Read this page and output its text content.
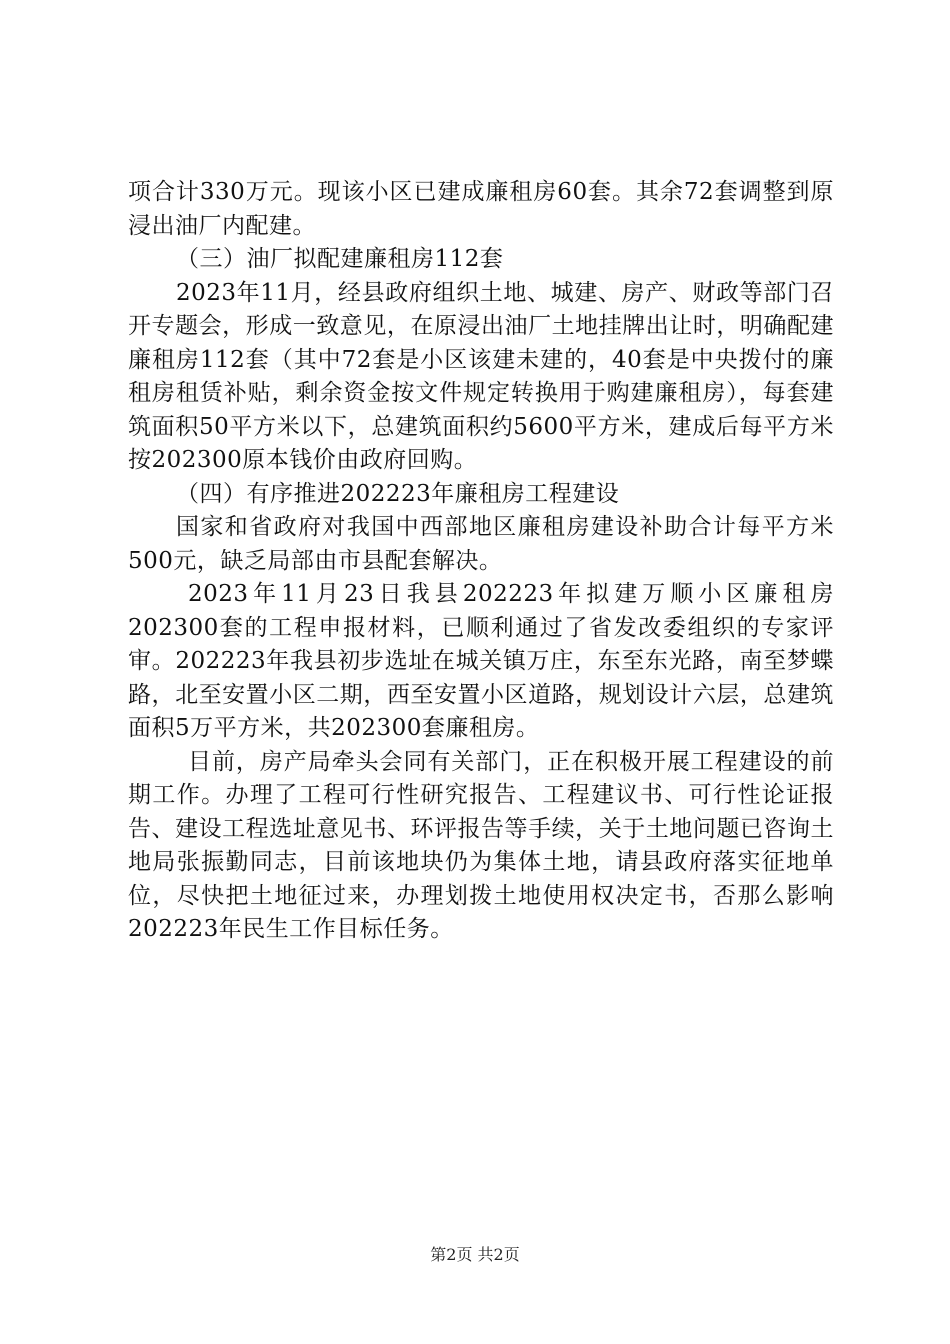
项合计330万元。现该小区已建成廉租房60套。其余72套调整到原浸出油厂内配建。

（三）油厂拟配建廉租房112套

2023年11月，经县政府组织土地、城建、房产、财政等部门召开专题会，形成一致意见，在原浸出油厂土地挂牌出让时，明确配建廉租房112套（其中72套是小区该建未建的，40套是中央拨付的廉租房租赁补贴，剩余资金按文件规定转换用于购建廉租房），每套建筑面积50平方米以下，总建筑面积约5600平方米，建成后每平方米按202300原本钱价由政府回购。

（四）有序推进202223年廉租房工程建设

国家和省政府对我国中西部地区廉租房建设补助合计每平方米500元，缺乏局部由市县配套解决。

2023年11月23日我县202223年拟建万顺小区廉租房202300套的工程申报材料，已顺利通过了省发改委组织的专家评审。202223年我县初步选址在城关镇万庄，东至东光路，南至梦蝶路，北至安置小区二期，西至安置小区道路，规划设计六层，总建筑面积5万平方米，共202300套廉租房。

目前，房产局牵头会同有关部门，正在积极开展工程建设的前期工作。办理了工程可行性研究报告、工程建议书、可行性论证报告、建设工程选址意见书、环评报告等手续，关于土地问题已咨询土地局张振勤同志，目前该地块仍为集体土地，请县政府落实征地单位，尽快把土地征过来，办理划拨土地使用权决定书，否那么影响202223年民生工作目标任务。

第2页 共2页
